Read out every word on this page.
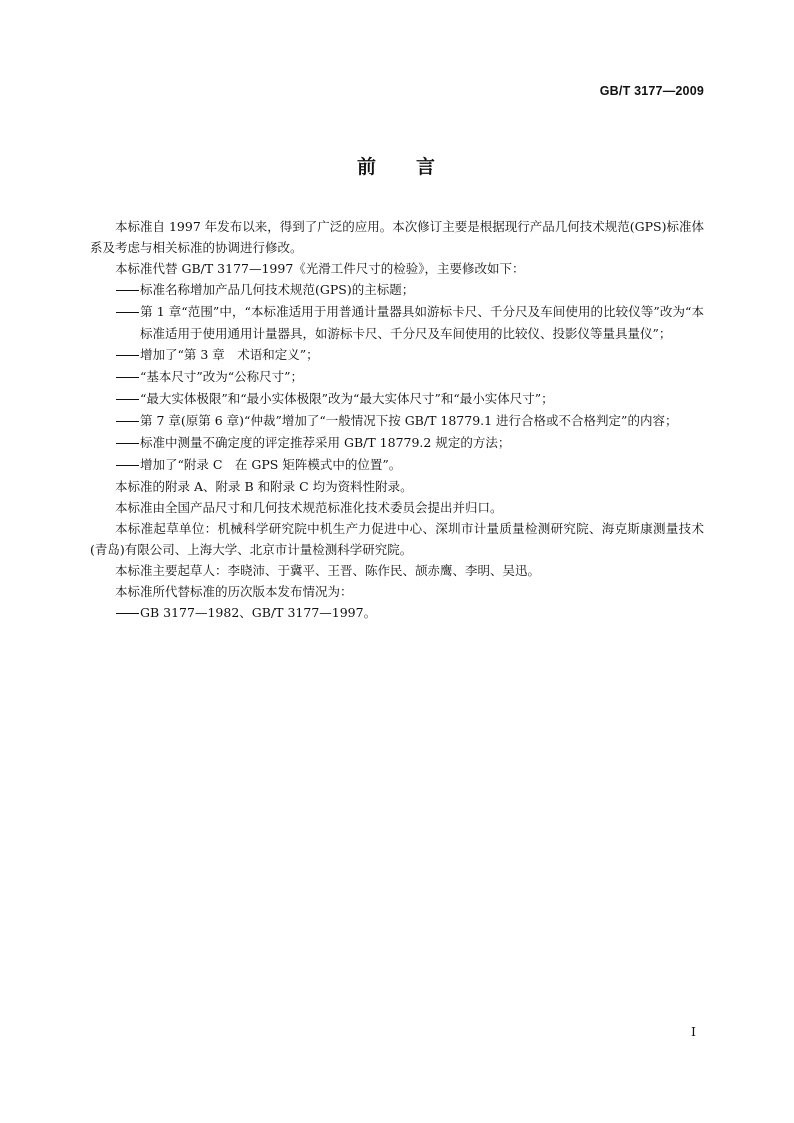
GB/T 3177—2009
前 言

本标准自 1997 年发布以来，得到了广泛的应用。本次修订主要是根据现行产品几何技术规范(GPS)标准体系及考虑与相关标准的协调进行修改。

本标准代替 GB/T 3177—1997《光滑工件尺寸的检验》，主要修改如下：

标准名称增加产品几何技术规范(GPS)的主标题；

第 1 章“范围”中，“本标准适用于用普通计量器具如游标卡尺、千分尺及车间使用的比较仪等”改为“本标准适用于使用通用计量器具，如游标卡尺、千分尺及车间使用的比较仪、投影仪等量具量仪”；

增加了“第 3 章　术语和定义”；

“基本尺寸”改为“公称尺寸”；

“最大实体极限”和“最小实体极限”改为“最大实体尺寸”和“最小实体尺寸”；

第 7 章(原第 6 章)“仲裁”增加了“一般情况下按 GB/T 18779.1 进行合格或不合格判定”的内容；

标准中测量不确定度的评定推荐采用 GB/T 18779.2 规定的方法；

增加了“附录 C　在 GPS 矩阵模式中的位置”。

本标准的附录 A、附录 B 和附录 C 均为资料性附录。

本标准由全国产品尺寸和几何技术规范标准化技术委员会提出并归口。

本标准起草单位：机械科学研究院中机生产力促进中心、深圳市计量质量检测研究院、海克斯康测量技术(青岛)有限公司、上海大学、北京市计量检测科学研究院。

本标准主要起草人：李晓沛、于冀平、王晋、陈作民、颉赤鹰、李明、吴迅。

本标准所代替标准的历次版本发布情况为：

GB 3177—1982、GB/T 3177—1997。

I
